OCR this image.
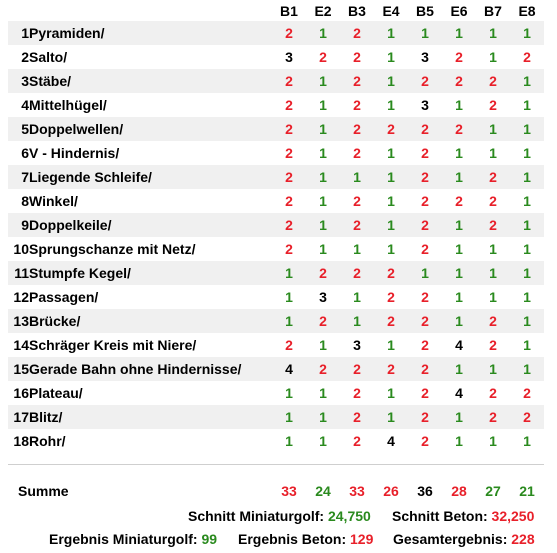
		B1	E2	B3	E4	B5	E6	B7	E8
1	Pyramiden/	2	1	2	1	1	1	1	1
2	Salto/	3	2	2	1	3	2	1	2
3	Stäbe/	2	1	2	1	2	2	2	1
4	Mittelhügel/	2	1	2	1	3	1	2	1
5	Doppelwellen/	2	1	2	2	2	2	1	1
6	V - Hindernis/	2	1	2	1	2	1	1	1
7	Liegende Schleife/	2	1	1	1	2	1	2	1
8	Winkel/	2	1	2	1	2	2	2	1
9	Doppelkeile/	2	1	2	1	2	1	2	1
10	Sprungschanze mit Netz/	2	1	1	1	2	1	1	1
11	Stumpfe Kegel/	1	2	2	2	1	1	1	1
12	Passagen/	1	3	1	2	2	1	1	1
13	Brücke/	1	2	1	2	2	1	2	1
14	Schräger Kreis mit Niere/	2	1	3	1	2	4	2	1
15	Gerade Bahn ohne Hindernisse/	4	2	2	2	2	1	1	1
16	Plateau/	1	1	2	1	2	4	2	2
17	Blitz/	1	1	2	1	2	1	2	2
18	Rohr/	1	1	2	4	2	1	1	1
Summe	33	24	33	26	36	28	27	21
Schnitt Miniaturgolf: 24,750 Schnitt Beton: 32,250
Ergebnis Miniaturgolf: 99 Ergebnis Beton: 129 Gesamtergebnis: 228
